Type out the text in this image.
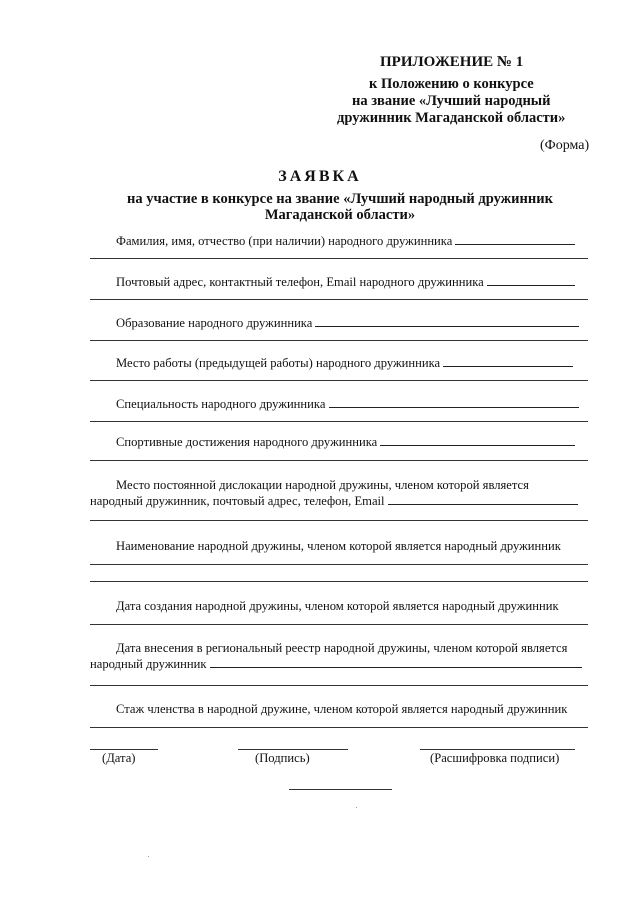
ПРИЛОЖЕНИЕ № 1
к Положению о конкурсе
на звание «Лучший народный
дружинник Магаданской области»
(Форма)
ЗАЯВКА
на участие в конкурсе на звание «Лучший народный дружинник
Магаданской области»
Фамилия, имя, отчество (при наличии) народного дружинника
Почтовый адрес, контактный телефон, Email народного дружинника
Образование народного дружинника
Место работы (предыдущей работы) народного дружинника
Специальность народного дружинника
Спортивные достижения народного дружинника
Место постоянной дислокации народной дружины, членом которой является
народный дружинник, почтовый адрес, телефон, Email
Наименование народной дружины, членом которой является народный дружинник
Дата создания народной дружины, членом которой является народный дружинник
Дата внесения в региональный реестр народной дружины, членом которой является
народный дружинник
Стаж членства в народной дружине, членом которой является народный дружинник
(Дата)	(Подпись)	(Расшифровка подписи)
